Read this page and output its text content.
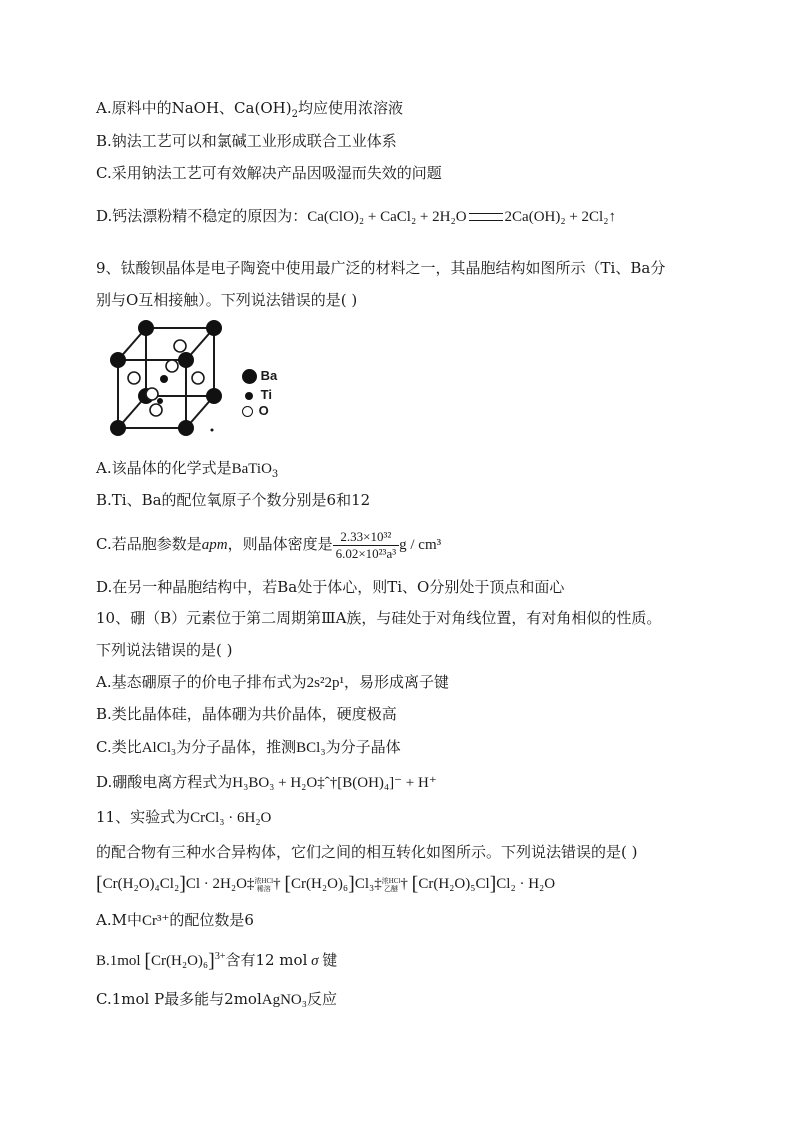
A.原料中的NaOH、$Ca(OH)_2$均应使用浓溶液
B.钠法工艺可以和氯碱工业形成联合工业体系
C.采用钠法工艺可有效解决产品因吸湿而失效的问题
D.钙法漂粉精不稳定的原因为：Ca(ClO)₂ + CaCl₂ + 2H₂O	2Ca(OH)₂ + 2Cl₂↑
9、钛酸钡晶体是电子陶瓷中使用最广泛的材料之一，其晶胞结构如图所示（Ti、Ba分
别与O互相接触）。下列说法错误的是( )
Ba
Ti
O
A.该晶体的化学式是BaTiO$_3$
B.Ti、Ba的配位氧原子个数分别是6和12
C.若品胞参数是apm，则晶体密度是 $\frac{\text{2.33×10³²}}{\text{6.02×10²³a³}}$ g / cm³
D.在另一种晶胞结构中，若Ba处于体心，则Ti、O分别处于顶点和面心
10、硼（B）元素位于第二周期第ⅢA族，与硅处于对角线位置，有对角相似的性质。
下列说法错误的是( )
A.基态硼原子的价电子排布式为2s²2p¹，易形成离子键
B.类比晶体硅，晶体硼为共价晶体，硬度极高
C.类比AlCl₃为分子晶体，推测BCl₃为分子晶体
D.硼酸电离方程式为H₃BO₃ + H₂O‡ˆ†[B(OH)₄]⁻ + H⁺
11、实验式为CrCl₃ · 6H₂O
的配合物有三种水合异构体，它们之间的相互转化如图所示。下列说法错误的是( )
[Cr(H₂O)₄Cl₂]Cl · 2H₂O‡浓HCl
稀溶 † [Cr(H₂O)₆]Cl₃‡浓HCl
乙醚 † [Cr(H₂O)₅Cl]Cl₂ · H₂O
A.M中Cr³⁺的配位数是6
B.1mol $[Cr(H_2O)_6]^{3+}$含有12 mol σ 键
C.1mol P最多能与2molAgNO₃反应
